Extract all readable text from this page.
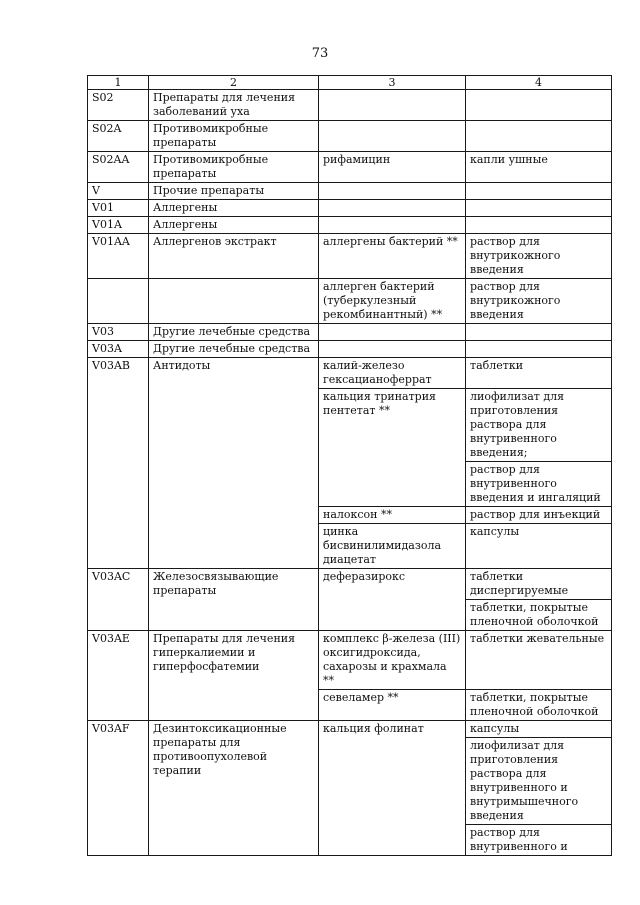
73
1	2	3	4
S02	Препараты для лечения заболеваний уха		
S02A	Противомикробные препараты		
S02AA	Противомикробные препараты	рифамицин	капли ушные
V	Прочие препараты		
V01	Аллергены		
V01A	Аллергены		
V01AA	Аллергенов экстракт	аллергены бактерий **	раствор для внутрикожного введения
		аллерген бактерий (туберкулезный рекомбинантный) **	раствор для внутрикожного введения
V03	Другие лечебные средства		
V03A	Другие лечебные средства		
V03AB	Антидоты	калий-железо гексацианоферрат	таблетки
		кальция тринатрия пентетат **	лиофилизат для приготовления раствора для внутривенного введения;
			раствор для внутривенного введения и ингаляций
		налоксон **	раствор для инъекций
		цинка бисвинилимидазола диацетат	капсулы
V03AC	Железосвязывающие препараты	деферазирокс	таблетки диспергируемые
			таблетки, покрытые пленочной оболочкой
V03AE	Препараты для лечения гиперкалиемии и гиперфосфатемии	комплекс β-железа (III) оксигидроксида, сахарозы и крахмала **	таблетки жевательные
		севеламер **	таблетки, покрытые пленочной оболочкой
V03AF	Дезинтоксикационные препараты для противоопухолевой терапии	кальция фолинат	капсулы
			лиофилизат для приготовления раствора для внутривенного и внутримышечного введения
			раствор для внутривенного и
